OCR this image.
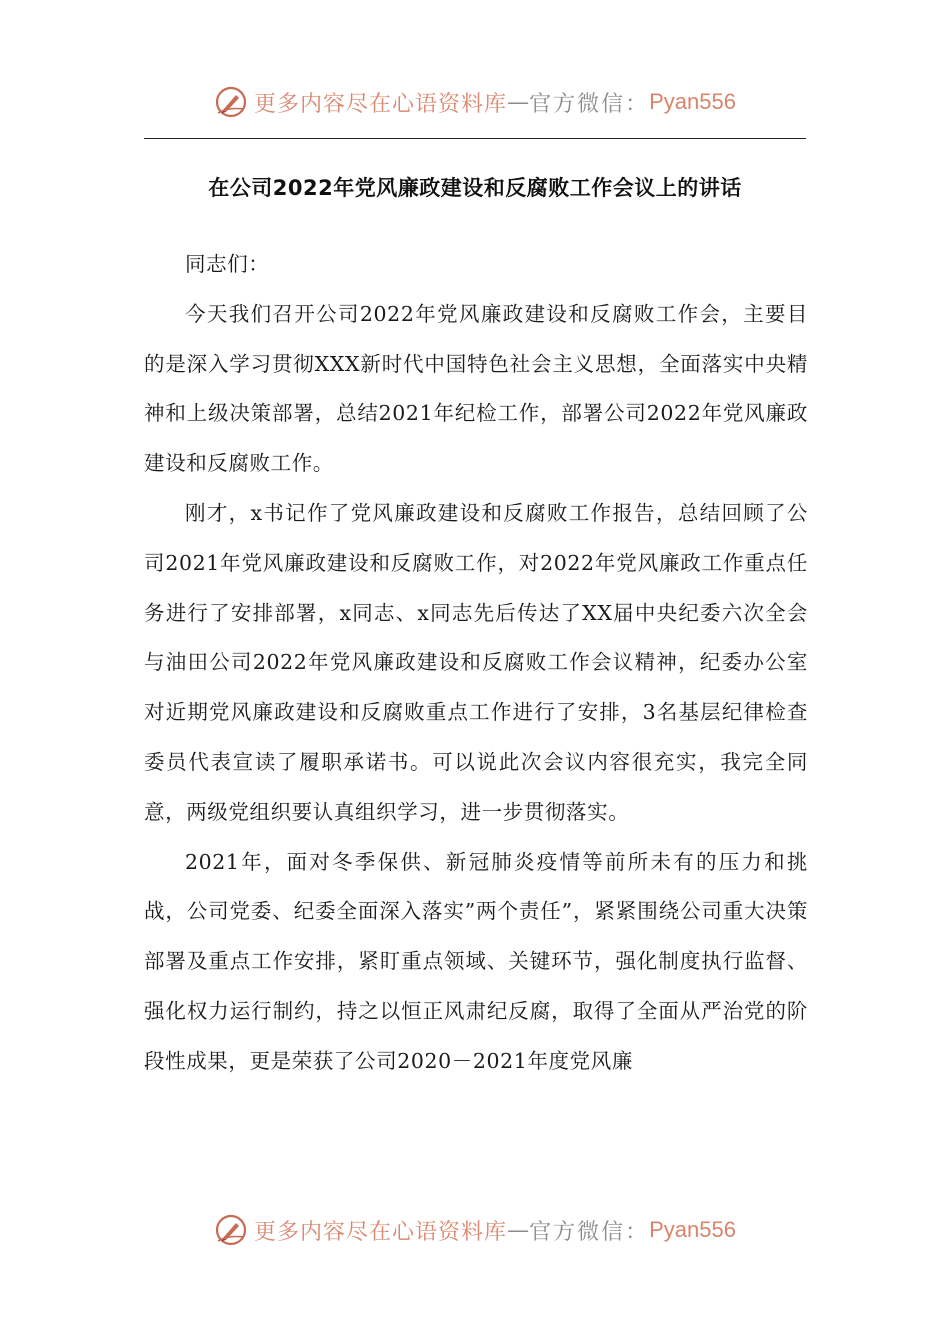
更多内容尽在心语资料库 — 官方微信： Pyan556
在公司2022年党风廉政建设和反腐败工作会议上的讲话

同志们：

今天我们召开公司2022年党风廉政建设和反腐败工作会，主要目的是深入学习贯彻XXX新时代中国特色社会主义思想，全面落实中央精神和上级决策部署，总结2021年纪检工作，部署公司2022年党风廉政建设和反腐败工作。

刚才，x书记作了党风廉政建设和反腐败工作报告，总结回顾了公司2021年党风廉政建设和反腐败工作，对2022年党风廉政工作重点任务进行了安排部署，x同志、x同志先后传达了XX届中央纪委六次全会与油田公司2022年党风廉政建设和反腐败工作会议精神，纪委办公室对近期党风廉政建设和反腐败重点工作进行了安排，3名基层纪律检查委员代表宣读了履职承诺书。可以说此次会议内容很充实，我完全同意，两级党组织要认真组织学习，进一步贯彻落实。

2021年，面对冬季保供、新冠肺炎疫情等前所未有的压力和挑战，公司党委、纪委全面深入落实”两个责任”，紧紧围绕公司重大决策部署及重点工作安排，紧盯重点领域、关键环节，强化制度执行监督、强化权力运行制约，持之以恒正风肃纪反腐，取得了全面从严治党的阶段性成果，更是荣获了公司2020－2021年度党风廉

更多内容尽在心语资料库 — 官方微信： Pyan556
